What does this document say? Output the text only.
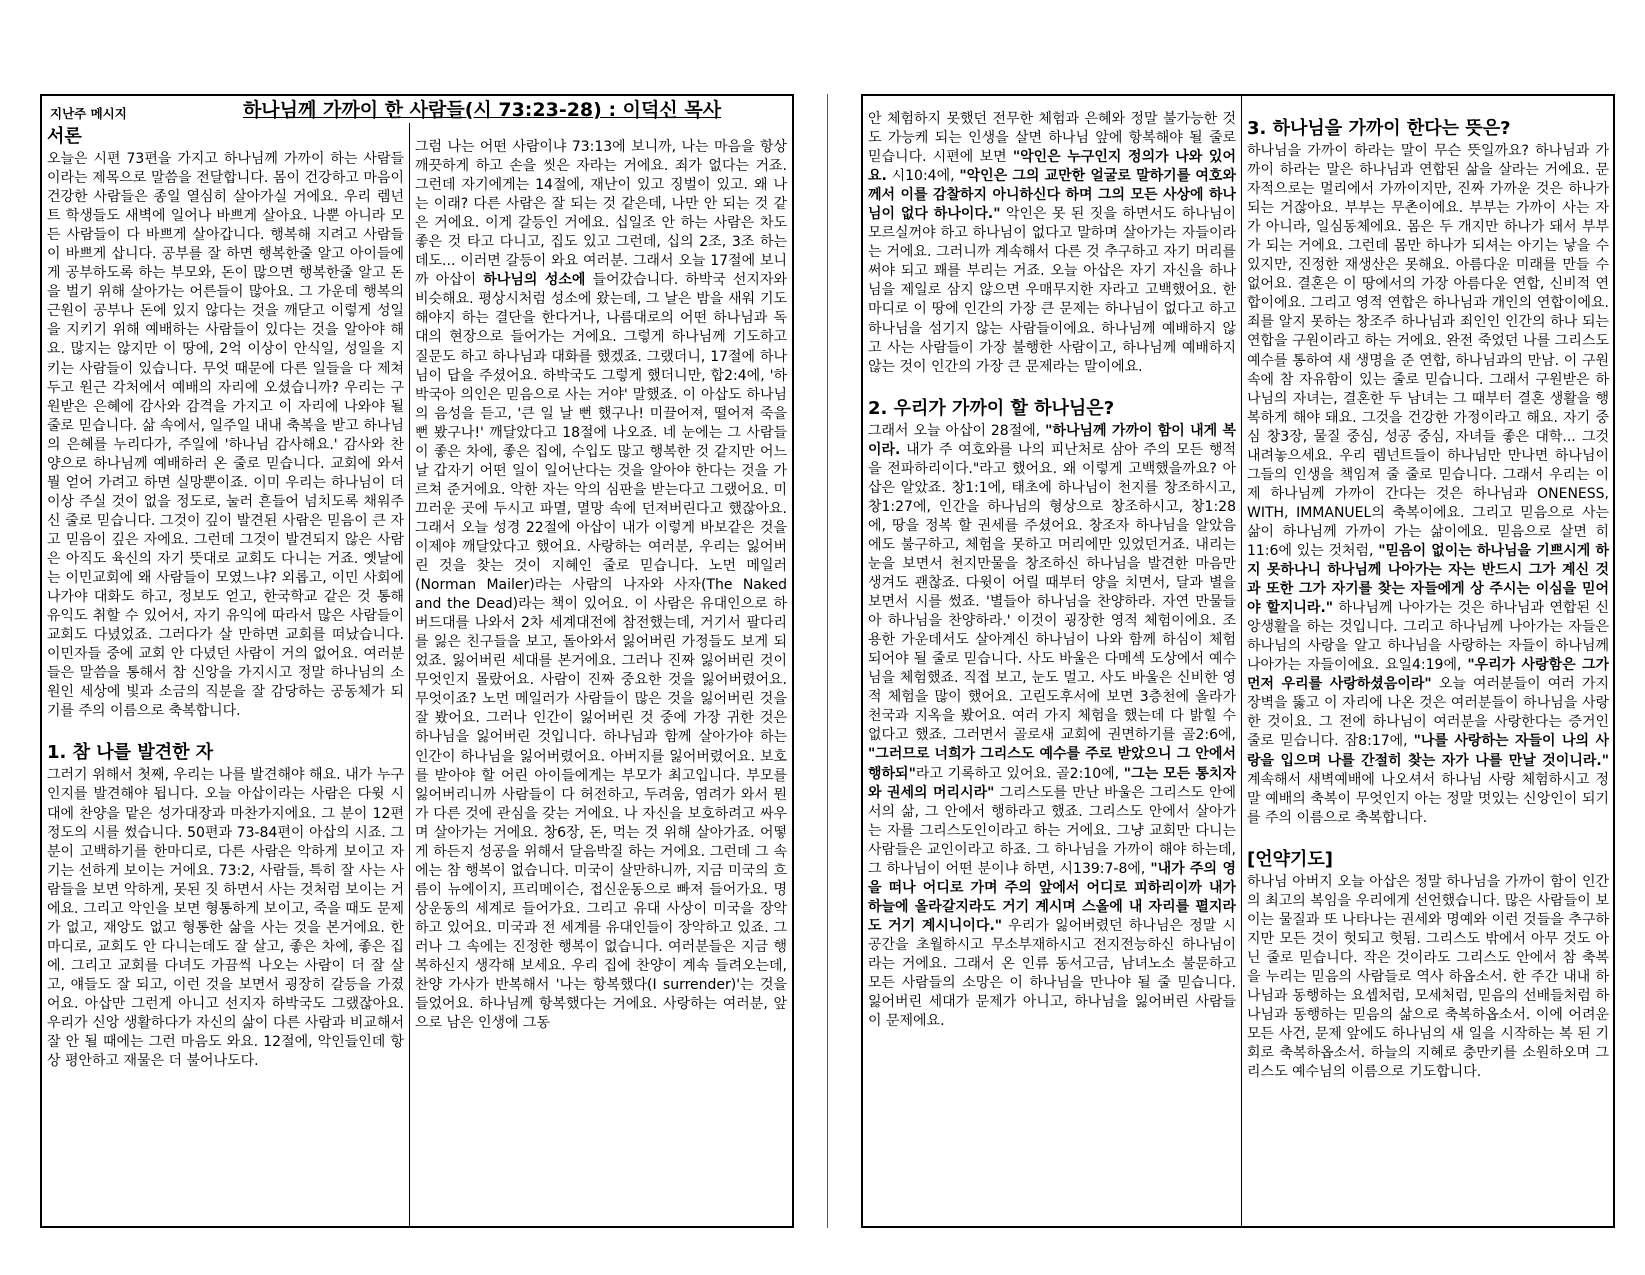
지난주 메시지	하나님께 가까이 한 사람들(시 73:23-28) : 이덕신 목사
서론

오늘은 시편 73편을 가지고 하나님께 가까이 하는 사람들이라는 제목으로 말씀을 전달합니다. 몸이 건강하고 마음이 건강한 사람들은 종일 열심히 살아가실 거에요. 우리 렘넌트 학생들도 새벽에 일어나 바쁘게 살아요. 나뿐 아니라 모든 사람들이 다 바쁘게 살아갑니다. 행복해 지려고 사람들이 바쁘게 삽니다. 공부를 잘 하면 행복한줄 알고 아이들에게 공부하도록 하는 부모와, 돈이 많으면 행복한줄 알고 돈을 벌기 위해 살아가는 어른들이 많아요. 그 가운데 행복의 근원이 공부나 돈에 있지 않다는 것을 깨닫고 이렇게 성일을 지키기 위해 예배하는 사람들이 있다는 것을 알아야 해요. 많지는 않지만 이 땅에, 2억 이상이 안식일, 성일을 지키는 사람들이 있습니다. 무엇 때문에 다른 일들을 다 제쳐두고 원근 각처에서 예배의 자리에 오셨습니까? 우리는 구원받은 은혜에 감사와 감격을 가지고 이 자리에 나와야 될 줄로 믿습니다. 삶 속에서, 일주일 내내 축복을 받고 하나님의 은혜를 누리다가, 주일에 '하나님 감사해요.' 감사와 찬양으로 하나님께 예배하러 온 줄로 믿습니다. 교회에 와서 뭘 얻어 가려고 하면 실망뿐이죠. 이미 우리는 하나님이 더 이상 주실 것이 없을 정도로, 눌러 흔들어 넘치도록 채워주신 줄로 믿습니다. 그것이 깊이 발견된 사람은 믿음이 큰 자고 믿음이 깊은 자에요. 그런데 그것이 발견되지 않은 사람은 아직도 육신의 자기 뜻대로 교회도 다니는 거죠. 옛날에는 이민교회에 왜 사람들이 모였느냐? 외롭고, 이민 사회에 나가야 대화도 하고, 정보도 얻고, 한국학교 같은 것 통해 유익도 취할 수 있어서, 자기 유익에 따라서 많은 사람들이 교회도 다녔었죠. 그러다가 살 만하면 교회를 떠났습니다. 이민자들 중에 교회 안 다녔던 사람이 거의 없어요. 여러분들은 말씀을 통해서 참 신앙을 가지시고 정말 하나님의 소원인 세상에 빛과 소금의 직분을 잘 감당하는 공동체가 되기를 주의 이름으로 축복합니다.

1. 참 나를 발견한 자

그러기 위해서 첫째, 우리는 나를 발견해야 해요. 내가 누구인지를 발견해야 됩니다. 오늘 아삽이라는 사람은 다윗 시대에 찬양을 맡은 성가대장과 마찬가지에요. 그 분이 12편 정도의 시를 썼습니다. 50편과 73-84편이 아삽의 시죠. 그 분이 고백하기를 한마디로, 다른 사람은 악하게 보이고 자기는 선하게 보이는 거에요. 73:2, 사람들, 특히 잘 사는 사람들을 보면 악하게, 못된 짓 하면서 사는 것처럼 보이는 거에요. 그리고 악인을 보면 형통하게 보이고, 죽을 때도 문제가 없고, 재앙도 없고 형통한 삶을 사는 것을 본거에요. 한마디로, 교회도 안 다니는데도 잘 살고, 좋은 차에, 좋은 집에. 그리고 교회를 다녀도 가끔씩 나오는 사람이 더 잘 살고, 얘들도 잘 되고, 이런 것을 보면서 굉장히 갈등을 가졌어요. 아삽만 그런게 아니고 선지자 하박국도 그랬잖아요. 우리가 신앙 생활하다가 자신의 삶이 다른 사람과 비교해서 잘 안 될 때에는 그런 마음도 와요. 12절에, 악인들인데 항상 평안하고 재물은 더 불어나도다.

그럼 나는 어떤 사람이냐 73:13에 보니까, 나는 마음을 항상 깨끗하게 하고 손을 씻은 자라는 거에요. 죄가 없다는 거죠. 그런데 자기에게는 14절에, 재난이 있고 징벌이 있고. 왜 나는 이래? 다른 사람은 잘 되는 것 같은데, 나만 안 되는 것 같은 거에요. 이게 갈등인 거에요. 십일조 안 하는 사람은 차도 좋은 것 타고 다니고, 집도 있고 그런데, 십의 2조, 3조 하는데도... 이러면 갈등이 와요 여러분. 그래서 오늘 17절에 보니까 아삽이 하나님의 성소에 들어갔습니다. 하박국 선지자와 비슷해요. 평상시처럼 성소에 왔는데, 그 날은 밤을 새워 기도해야지 하는 결단을 한다거나, 나름대로의 어떤 하나님과 독대의 현장으로 들어가는 거에요. 그렇게 하나님께 기도하고 질문도 하고 하나님과 대화를 했겠죠. 그랬더니, 17절에 하나님이 답을 주셨어요. 하박국도 그렇게 했더니만, 합2:4에, '하박국아 의인은 믿음으로 사는 거야' 말했죠. 이 아삽도 하나님의 음성을 듣고, '큰 일 날 뻔 했구나! 미끌어져, 떨어져 죽을 뻔 봤구나!' 깨달았다고 18절에 나오죠. 네 눈에는 그 사람들이 좋은 차에, 좋은 집에, 수입도 많고 행복한 것 같지만 어느 날 갑자기 어떤 일이 일어난다는 것을 알아야 한다는 것을 가르쳐 준거에요. 악한 자는 악의 심판을 받는다고 그랬어요. 미끄러운 곳에 두시고 파멸, 멸망 속에 던져버린다고 했잖아요. 그래서 오늘 성경 22절에 아삽이 내가 이렇게 바보같은 것을 이제야 깨달았다고 했어요. 사랑하는 여러분, 우리는 잃어버린 것을 찾는 것이 지혜인 줄로 믿습니다. 노먼 메일러(Norman Mailer)라는 사람의 나자와 사자(The Naked and the Dead)라는 책이 있어요. 이 사람은 유대인으로 하버드대를 나와서 2차 세계대전에 참전했는데, 거기서 팔다리를 잃은 친구들을 보고, 돌아와서 잃어버린 가정들도 보게 되었죠. 잃어버린 세대를 본거에요. 그러나 진짜 잃어버린 것이 무엇인지 몰랐어요. 사람이 진짜 중요한 것을 잃어버렸어요. 무엇이죠? 노먼 메일러가 사람들이 많은 것을 잃어버린 것을 잘 봤어요. 그러나 인간이 잃어버린 것 중에 가장 귀한 것은 하나님을 잃어버린 것입니다. 하나님과 함께 살아가야 하는 인간이 하나님을 잃어버렸어요. 아버지를 잃어버렸어요. 보호를 받아야 할 어린 아이들에게는 부모가 최고입니다. 부모를 잃어버리니까 사람들이 다 허전하고, 두려움, 염려가 와서 뭔가 다른 것에 관심을 갖는 거에요. 나 자신을 보호하려고 싸우며 살아가는 거에요. 창6장, 돈, 먹는 것 위해 살아가죠. 어떻게 하든지 성공을 위해서 달음박질 하는 거에요. 그런데 그 속에는 참 행복이 없습니다. 미국이 살만하니까, 지금 미국의 흐름이 뉴에이지, 프리메이슨, 접신운동으로 빠져 들어가요. 명상운동의 세계로 들어가요. 그리고 유대 사상이 미국을 장악하고 있어요. 미국과 전 세계를 유대인들이 장악하고 있죠. 그러나 그 속에는 진정한 행복이 없습니다. 여러분들은 지금 행복하신지 생각해 보세요. 우리 집에 찬양이 계속 들려오는데, 찬양 가사가 반복해서 '나는 항복했다(I surrender)'는 것을 들었어요. 하나님께 항복했다는 거에요. 사랑하는 여러분, 앞으로 남은 인생에 그동

안 체험하지 못했던 전무한 체험과 은혜와 정말 불가능한 것도 가능케 되는 인생을 살면 하나님 앞에 항복해야 될 줄로 믿습니다. 시편에 보면 "악인은 누구인지 정의가 나와 있어요. 시10:4에, "악인은 그의 교만한 얼굴로 말하기를 여호와께서 이를 감찰하지 아니하신다 하며 그의 모든 사상에 하나님이 없다 하나이다." 악인은 못 된 짓을 하면서도 하나님이 모르실꺼야 하고 하나님이 없다고 말하며 살아가는 자들이라는 거에요. 그러니까 계속해서 다른 것 추구하고 자기 머리를 써야 되고 꽤를 부리는 거죠. 오늘 아삽은 자기 자신을 하나님을 제일로 삼지 않으면 우매무지한 자라고 고백했어요. 한 마디로 이 땅에 인간의 가장 큰 문제는 하나님이 없다고 하고 하나님을 섬기지 않는 사람들이에요. 하나님께 예배하지 않고 사는 사람들이 가장 불행한 사람이고, 하나님께 예배하지 않는 것이 인간의 가장 큰 문제라는 말이에요.

2. 우리가 가까이 할 하나님은?

그래서 오늘 아삽이 28절에, "하나님께 가까이 함이 내게 복이라. 내가 주 여호와를 나의 피난처로 삼아 주의 모든 행적을 전파하리이다."라고 했어요. 왜 이렇게 고백했을까요? 아삽은 알았죠. 창1:1에, 태초에 하나님이 천지를 창조하시고, 창1:27에, 인간을 하나님의 형상으로 창조하시고, 창1:28에, 땅을 정복 할 권세를 주셨어요. 창조자 하나님을 알았음에도 불구하고, 체험을 못하고 머리에만 있었던거죠. 내리는 눈을 보면서 천지만물을 창조하신 하나님을 발견한 마음만 생겨도 괜찮죠. 다윗이 어릴 때부터 양을 치면서, 달과 별을 보면서 시를 썼죠. '별들아 하나님을 찬양하라. 자연 만물들아 하나님을 찬양하라.' 이것이 굉장한 영적 체험이에요. 조용한 가운데서도 살아계신 하나님이 나와 함께 하심이 체험되어야 될 줄로 믿습니다. 사도 바울은 다메섹 도상에서 예수님을 체험했죠. 직접 보고, 눈도 멀고. 사도 바울은 신비한 영적 체험을 많이 했어요. 고린도후서에 보면 3층천에 올라가 천국과 지옥을 봤어요. 여러 가지 체험을 했는데 다 밝힐 수 없다고 했죠. 그러면서 골로새 교회에 권면하기를 골2:6에, "그러므로 너희가 그리스도 예수를 주로 받았으니 그 안에서 행하되"라고 기록하고 있어요. 골2:10에, "그는 모든 통치자와 권세의 머리시라" 그리스도를 만난 바울은 그리스도 안에서의 삶, 그 안에서 행하라고 했죠. 그리스도 안에서 살아가는 자를 그리스도인이라고 하는 거에요. 그냥 교회만 다니는 사람들은 교인이라고 하죠. 그 하나님을 가까이 해야 하는데, 그 하나님이 어떤 분이냐 하면, 시139:7-8에, "내가 주의 영을 떠나 어디로 가며 주의 앞에서 어디로 피하리이까 내가 하늘에 올라갈지라도 거기 계시며 스올에 내 자리를 펼지라도 거기 계시니이다." 우리가 잃어버렸던 하나님은 정말 시공간을 초월하시고 무소부재하시고 전지전능하신 하나님이라는 거에요. 그래서 온 인류 동서고금, 남녀노소 불문하고 모든 사람들의 소망은 이 하나님을 만나야 될 줄 믿습니다. 잃어버린 세대가 문제가 아니고, 하나님을 잃어버린 사람들이 문제에요.

3. 하나님을 가까이 한다는 뜻은?

하나님을 가까이 하라는 말이 무슨 뜻일까요? 하나님과 가까이 하라는 말은 하나님과 연합된 삶을 살라는 거에요. 문자적으로는 멀리에서 가까이지만, 진짜 가까운 것은 하나가 되는 거잖아요. 부부는 무촌이에요. 부부는 가까이 사는 자가 아니라, 일심동체에요. 몸은 두 개지만 하나가 돼서 부부가 되는 거에요. 그런데 몸만 하나가 되셔는 아기는 낳을 수 있지만, 진정한 재생산은 못해요. 아름다운 미래를 만들 수 없어요. 결혼은 이 땅에서의 가장 아름다운 연합, 신비적 연합이에요. 그리고 영적 연합은 하나님과 개인의 연합이에요. 죄를 알지 못하는 창조주 하나님과 죄인인 인간의 하나 되는 연합을 구원이라고 하는 거에요. 완전 죽었던 나를 그리스도 예수를 통하여 새 생명을 준 연합, 하나님과의 만남. 이 구원 속에 참 자유함이 있는 줄로 믿습니다. 그래서 구원받은 하나님의 자녀는, 결혼한 두 남녀는 그 때부터 결혼 생활을 행복하게 해야 돼요. 그것을 건강한 가정이라고 해요. 자기 중심 창3장, 물질 중심, 성공 중심, 자녀들 좋은 대학... 그것 내려놓으세요. 우리 렘넌트들이 하나님만 만나면 하나님이 그들의 인생을 책임져 줄 줄로 믿습니다. 그래서 우리는 이제 하나님께 가까이 간다는 것은 하나님과 ONENESS, WITH, IMMANUEL의 축복이에요. 그리고 믿음으로 사는 삶이 하나님께 가까이 가는 삶이에요. 믿음으로 살면 히11:6에 있는 것처럼, "믿음이 없이는 하나님을 기쁘시게 하지 못하나니 하나님께 나아가는 자는 반드시 그가 계신 것과 또한 그가 자기를 찾는 자들에게 상 주시는 이심을 믿어야 할지니라." 하나님께 나아가는 것은 하나님과 연합된 신앙생활을 하는 것입니다. 그리고 하나님께 나아가는 자들은 하나님의 사랑을 알고 하나님을 사랑하는 자들이 하나님께 나아가는 자들이에요. 요일4:19에, "우리가 사랑함은 그가 먼저 우리를 사랑하셨음이라" 오늘 여러분들이 여러 가지 장벽을 뚫고 이 자리에 나온 것은 여러분들이 하나님을 사랑한 것이요. 그 전에 하나님이 여러분을 사랑한다는 증거인 줄로 믿습니다. 잠8:17에, "나를 사랑하는 자들이 나의 사랑을 입으며 나를 간절히 찾는 자가 나를 만날 것이니라." 계속해서 새벽예배에 나오셔서 하나님 사랑 체험하시고 정말 예배의 축복이 무엇인지 아는 정말 멋있는 신앙인이 되기를 주의 이름으로 축복합니다.

[언약기도]

하나님 아버지 오늘 아삽은 정말 하나님을 가까이 함이 인간의 최고의 복임을 우리에게 선언했습니다. 많은 사람들이 보이는 물질과 또 나타나는 권세와 명예와 이런 것들을 추구하지만 모든 것이 헛되고 헛됨. 그리스도 밖에서 아무 것도 아닌 줄로 믿습니다. 작은 것이라도 그리스도 안에서 참 축복을 누리는 믿음의 사람들로 역사 하옵소서. 한 주간 내내 하나님과 동행하는 요셉처럼, 모세처럼, 믿음의 선배들처럼 하나님과 동행하는 믿음의 삶으로 축복하옵소서. 이에 어려운 모든 사건, 문제 앞에도 하나님의 새 일을 시작하는 복 된 기회로 축복하옵소서. 하늘의 지혜로 충만키를 소원하오며 그리스도 예수님의 이름으로 기도합니다.
